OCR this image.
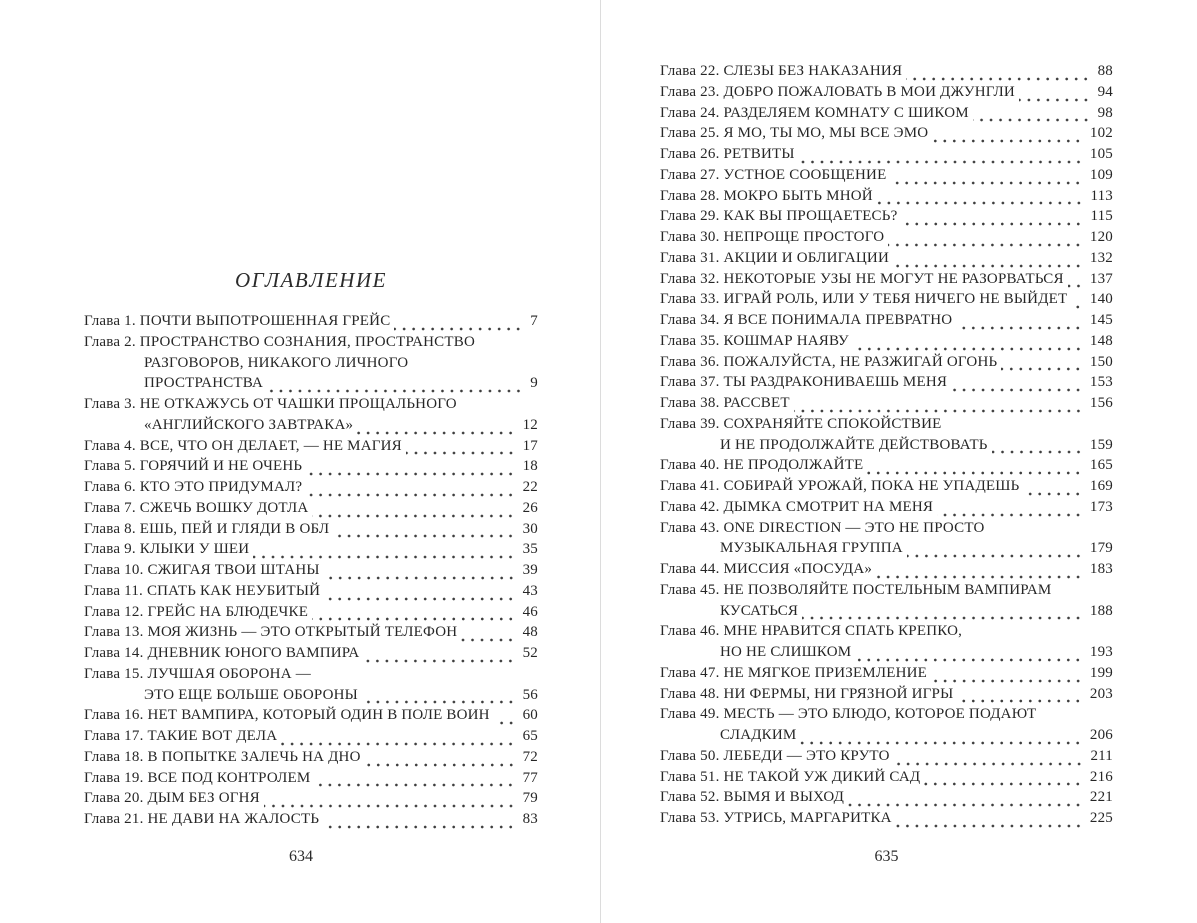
ОГЛАВЛЕНИЕ
Глава 1. ПОЧТИ ВЫПОТРОШЕННАЯ ГРЕЙС	7
Глава 2. ПРОСТРАНСТВО СОЗНАНИЯ, ПРОСТРАНСТВО
РАЗГОВОРОВ, НИКАКОГО ЛИЧНОГО
ПРОСТРАНСТВА	9
Глава 3. НЕ ОТКАЖУСЬ ОТ ЧАШКИ ПРОЩАЛЬНОГО
«АНГЛИЙСКОГО ЗАВТРАКА»	12
Глава 4. ВСЕ, ЧТО ОН ДЕЛАЕТ, — НЕ МАГИЯ	17
Глава 5. ГОРЯЧИЙ И НЕ ОЧЕНЬ	18
Глава 6. КТО ЭТО ПРИДУМАЛ?	22
Глава 7. СЖЕЧЬ ВОШКУ ДОТЛА	26
Глава 8. ЕШЬ, ПЕЙ И ГЛЯДИ В ОБЛ	30
Глава 9. КЛЫКИ У ШЕИ	35
Глава 10. СЖИГАЯ ТВОИ ШТАНЫ	39
Глава 11. СПАТЬ КАК НЕУБИТЫЙ	43
Глава 12. ГРЕЙС НА БЛЮДЕЧКЕ	46
Глава 13. МОЯ ЖИЗНЬ — ЭТО ОТКРЫТЫЙ ТЕЛЕФОН	48
Глава 14. ДНЕВНИК ЮНОГО ВАМПИРА	52
Глава 15. ЛУЧШАЯ ОБОРОНА —
ЭТО ЕЩЕ БОЛЬШЕ ОБОРОНЫ	56
Глава 16. НЕТ ВАМПИРА, КОТОРЫЙ ОДИН В ПОЛЕ ВОИН 60
Глава 17. ТАКИЕ ВОТ ДЕЛА	65
Глава 18. В ПОПЫТКЕ ЗАЛЕЧЬ НА ДНО	72
Глава 19. ВСЕ ПОД КОНТРОЛЕМ	77
Глава 20. ДЫМ БЕЗ ОГНЯ	79
Глава 21. НЕ ДАВИ НА ЖАЛОСТЬ	83
634
Глава 22. СЛЕЗЫ БЕЗ НАКАЗАНИЯ	88
Глава 23. ДОБРО ПОЖАЛОВАТЬ В МОИ ДЖУНГЛИ	94
Глава 24. РАЗДЕЛЯЕМ КОМНАТУ С ШИКОМ	98
Глава 25. Я МО, ТЫ МО, МЫ ВСЕ ЭМО	102
Глава 26. РЕТВИТЫ	105
Глава 27. УСТНОЕ СООБЩЕНИЕ	109
Глава 28. МОКРО БЫТЬ МНОЙ	113
Глава 29. КАК ВЫ ПРОЩАЕТЕСЬ?	115
Глава 30. НЕПРОЩЕ ПРОСТОГО	120
Глава 31. АКЦИИ И ОБЛИГАЦИИ	132
Глава 32. НЕКОТОРЫЕ УЗЫ НЕ МОГУТ НЕ РАЗОРВАТЬСЯ 137
Глава 33. ИГРАЙ РОЛЬ, ИЛИ У ТЕБЯ НИЧЕГО НЕ ВЫЙДЕТ 140
Глава 34. Я ВСЕ ПОНИМАЛА ПРЕВРАТНО	145
Глава 35. КОШМАР НАЯВУ	148
Глава 36. ПОЖАЛУЙСТА, НЕ РАЗЖИГАЙ ОГОНЬ	150
Глава 37. ТЫ РАЗДРАКОНИВАЕШЬ МЕНЯ	153
Глава 38. РАССВЕТ	156
Глава 39. СОХРАНЯЙТЕ СПОКОЙСТВИЕ
И НЕ ПРОДОЛЖАЙТЕ ДЕЙСТВОВАТЬ	159
Глава 40. НЕ ПРОДОЛЖАЙТЕ	165
Глава 41. СОБИРАЙ УРОЖАЙ, ПОКА НЕ УПАДЕШЬ	169
Глава 42. ДЫМКА СМОТРИТ НА МЕНЯ	173
Глава 43. ONE DIRECTION — ЭТО НЕ ПРОСТО
МУЗЫКАЛЬНАЯ ГРУППА	179
Глава 44. МИССИЯ «ПОСУДА»	183
Глава 45. НЕ ПОЗВОЛЯЙТЕ ПОСТЕЛЬНЫМ ВАМПИРАМ
КУСАТЬСЯ	188
Глава 46. МНЕ НРАВИТСЯ СПАТЬ КРЕПКО,
НО НЕ СЛИШКОМ	193
Глава 47. НЕ МЯГКОЕ ПРИЗЕМЛЕНИЕ	199
Глава 48. НИ ФЕРМЫ, НИ ГРЯЗНОЙ ИГРЫ	203
Глава 49. МЕСТЬ — ЭТО БЛЮДО, КОТОРОЕ ПОДАЮТ
СЛАДКИМ	206
Глава 50. ЛЕБЕДИ — ЭТО КРУТО	211
Глава 51. НЕ ТАКОЙ УЖ ДИКИЙ САД	216
Глава 52. ВЫМЯ И ВЫХОД	221
Глава 53. УТРИСЬ, МАРГАРИТКА	225
635
